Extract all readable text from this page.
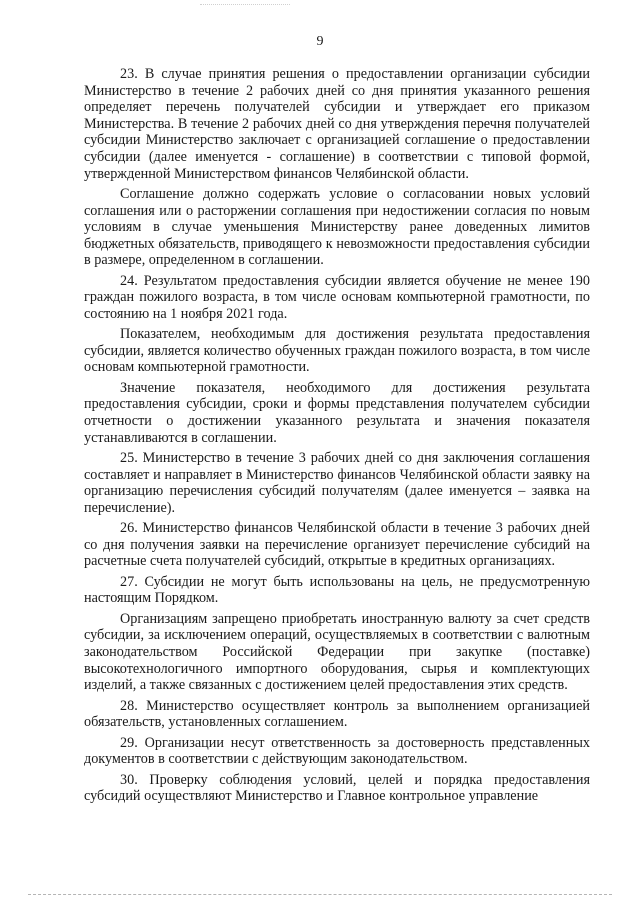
9

23. В случае принятия решения о предоставлении организации субсидии Министерство в течение 2 рабочих дней со дня принятия указанного решения определяет перечень получателей субсидии и утверждает его приказом Министерства. В течение 2 рабочих дней со дня утверждения перечня получателей субсидии Министерство заключает с организацией соглашение о предоставлении субсидии (далее именуется - соглашение) в соответствии с типовой формой, утвержденной Министерством финансов Челябинской области.

Соглашение должно содержать условие о согласовании новых условий соглашения или о расторжении соглашения при недостижении согласия по новым условиям в случае уменьшения Министерству ранее доведенных лимитов бюджетных обязательств, приводящего к невозможности предоставления субсидии в размере, определенном в соглашении.

24. Результатом предоставления субсидии является обучение не менее 190 граждан пожилого возраста, в том числе основам компьютерной грамотности, по состоянию на 1 ноября 2021 года.

Показателем, необходимым для достижения результата предоставления субсидии, является количество обученных граждан пожилого возраста, в том числе основам компьютерной грамотности.

Значение показателя, необходимого для достижения результата предоставления субсидии, сроки и формы представления получателем субсидии отчетности о достижении указанного результата и значения показателя устанавливаются в соглашении.

25. Министерство в течение 3 рабочих дней со дня заключения соглашения составляет и направляет в Министерство финансов Челябинской области заявку на организацию перечисления субсидий получателям (далее именуется – заявка на перечисление).

26. Министерство финансов Челябинской области в течение 3 рабочих дней со дня получения заявки на перечисление организует перечисление субсидий на расчетные счета получателей субсидий, открытые в кредитных организациях.

27. Субсидии не могут быть использованы на цель, не предусмотренную настоящим Порядком.

Организациям запрещено приобретать иностранную валюту за счет средств субсидии, за исключением операций, осуществляемых в соответствии с валютным законодательством Российской Федерации при закупке (поставке) высокотехнологичного импортного оборудования, сырья и комплектующих изделий, а также связанных с достижением целей предоставления этих средств.

28. Министерство осуществляет контроль за выполнением организацией обязательств, установленных соглашением.

29. Организации несут ответственность за достоверность представленных документов в соответствии с действующим законодательством.

30. Проверку соблюдения условий, целей и порядка предоставления субсидий осуществляют Министерство и Главное контрольное управление
